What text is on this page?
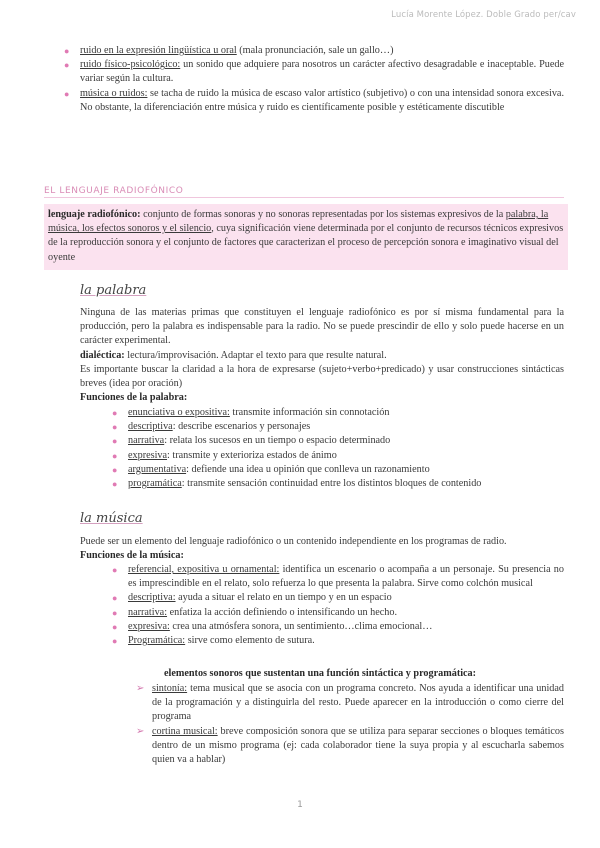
Lucía Morente López. Doble Grado per/cav
● ruido en la expresión lingüística u oral (mala pronunciación, sale un gallo…)
● ruido físico-psicológico: un sonido que adquiere para nosotros un carácter afectivo desagradable e inaceptable. Puede variar según la cultura.
● música o ruidos: se tacha de ruido la música de escaso valor artístico (subjetivo) o con una intensidad sonora excesiva. No obstante, la diferenciación entre música y ruido es científicamente posible y estéticamente discutible
EL LENGUAJE RADIOFÓNICO
lenguaje radiofónico: conjunto de formas sonoras y no sonoras representadas por los sistemas expresivos de la palabra, la música, los efectos sonoros y el silencio, cuya significación viene determinada por el conjunto de recursos técnicos expresivos de la reproducción sonora y el conjunto de factores que caracterizan el proceso de percepción sonora e imaginativo visual del oyente
la palabra
Ninguna de las materias primas que constituyen el lenguaje radiofónico es por sí misma fundamental para la producción, pero la palabra es indispensable para la radio. No se puede prescindir de ello y solo puede hacerse en un carácter experimental.
dialéctica: lectura/improvisación. Adaptar el texto para que resulte natural.
Es importante buscar la claridad a la hora de expresarse (sujeto+verbo+predicado) y usar construcciones sintácticas breves (idea por oración)
Funciones de la palabra:
● enunciativa o expositiva: transmite información sin connotación
● descriptiva: describe escenarios y personajes
● narrativa: relata los sucesos en un tiempo o espacio determinado
● expresiva: transmite y exterioriza estados de ánimo
● argumentativa: defiende una idea u opinión que conlleva un razonamiento
● programática: transmite sensación continuidad entre los distintos bloques de contenido
la música
Puede ser un elemento del lenguaje radiofónico o un contenido independiente en los programas de radio.
Funciones de la música:
● referencial, expositiva u ornamental: identifica un escenario o acompaña a un personaje. Su presencia no es imprescindible en el relato, solo refuerza lo que presenta la palabra. Sirve como colchón musical
● descriptiva: ayuda a situar el relato en un tiempo y en un espacio
● narrativa: enfatiza la acción definiendo o intensificando un hecho.
● expresiva: crea una atmósfera sonora, un sentimiento…clima emocional…
● Programática: sirve como elemento de sutura.
elementos sonoros que sustentan una función sintáctica y programática:
➢ sintonía: tema musical que se asocia con un programa concreto. Nos ayuda a identificar una unidad de la programación y a distinguirla del resto. Puede aparecer en la introducción o como cierre del programa
➢ cortina musical: breve composición sonora que se utiliza para separar secciones o bloques temáticos dentro de un mismo programa (ej: cada colaborador tiene la suya propia y al escucharla sabemos quien va a hablar)
1
